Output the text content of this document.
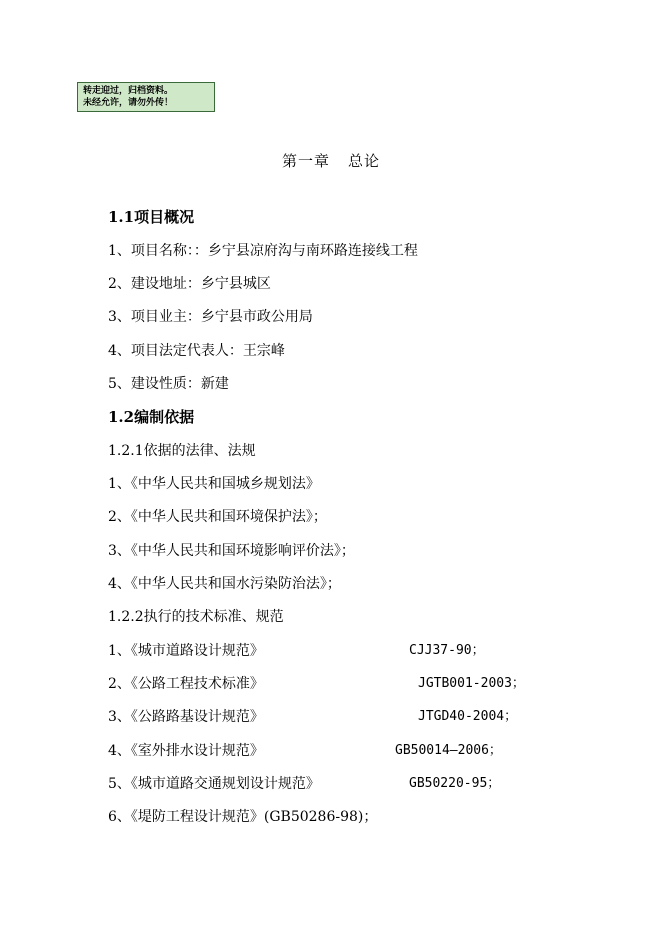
转走迎过，归档资料。
未经允许，请勿外传！
第一章 总论
1.1项目概况
1、项目名称：：乡宁县凉府沟与南环路连接线工程
2、建设地址：乡宁县城区
3、项目业主：乡宁县市政公用局
4、项目法定代表人：王宗峰
5、建设性质：新建
1.2编制依据
1.2.1依据的法律、法规
1、《中华人民共和国城乡规划法》
2、《中华人民共和国环境保护法》；
3、《中华人民共和国环境影响评价法》；
4、《中华人民共和国水污染防治法》；
1.2.2执行的技术标准、规范
1、《城市道路设计规范》	CJJ37-90；
2、《公路工程技术标准》	JGTB001-2003；
3、《公路路基设计规范》	JTGD40-2004；
4、《室外排水设计规范》	GB50014—2006；
5、《城市道路交通规划设计规范》	GB50220-95；
6、《堤防工程设计规范》(GB50286-98)；
